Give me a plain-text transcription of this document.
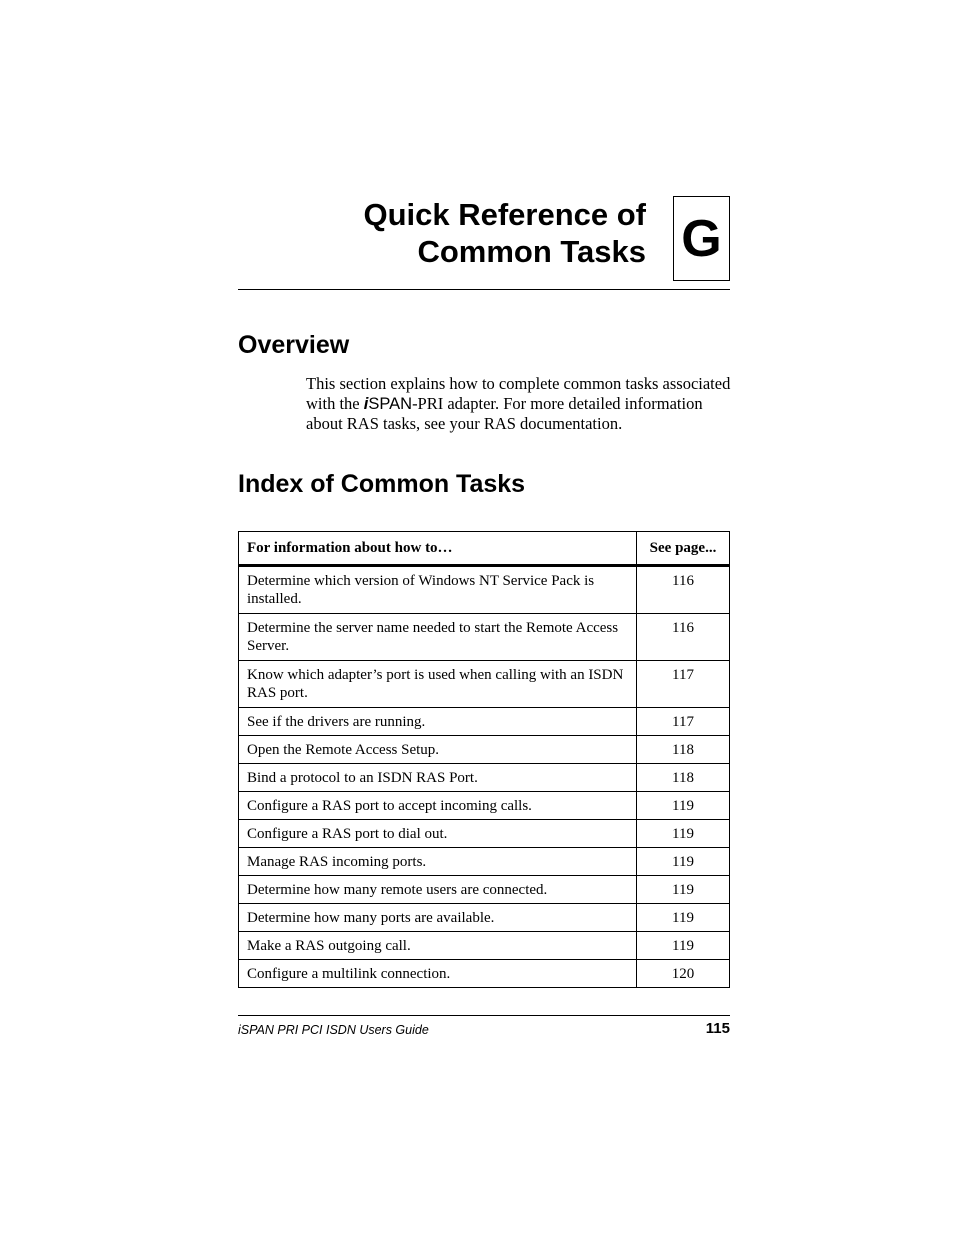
Quick Reference of
Common Tasks G
Overview

This section explains how to complete common tasks associated with the iSPAN-PRI adapter. For more detailed information about RAS tasks, see your RAS documentation.

Index of Common Tasks
For information about how to…	See page...
Determine which version of Windows NT Service Pack is installed.	116
Determine the server name needed to start the Remote Access Server.	116
Know which adapter’s port is used when calling with an ISDN RAS port.	117
See if the drivers are running.	117
Open the Remote Access Setup.	118
Bind a protocol to an ISDN RAS Port.	118
Configure a RAS port to accept incoming calls.	119
Configure a RAS port to dial out.	119
Manage RAS incoming ports.	119
Determine how many remote users are connected.	119
Determine how many ports are available.	119
Make a RAS outgoing call.	119
Configure a multilink connection.	120
iSPAN PRI PCI ISDN Users Guide	115
